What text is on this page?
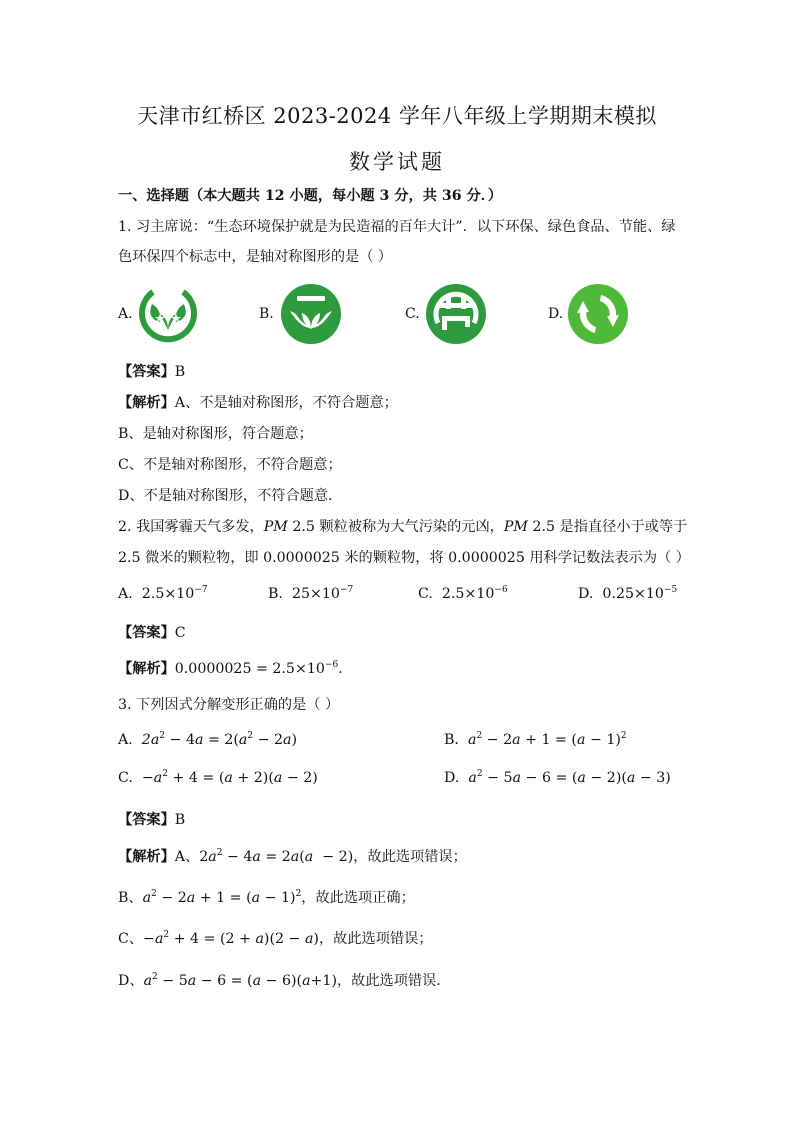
天津市红桥区 2023-2024 学年八年级上学期期末模拟
数学试题
一、选择题（本大题共 12 小题，每小题 3 分，共 36 分．）
1. 习主席说：“生态环境保护就是为民造福的百年大计”．以下环保、绿色食品、节能、绿
色环保四个标志中，是轴对称图形的是（ ）
A.	B.	C.	D.
【答案】B
【解析】A、不是轴对称图形，不符合题意；
B、是轴对称图形，符合题意；
C、不是轴对称图形，不符合题意；
D、不是轴对称图形，不符合题意．
2. 我国雾霾天气多发，PM 2.5 颗粒被称为大气污染的元凶，PM 2.5 是指直径小于或等于
2.5 微米的颗粒物，即 0.0000025 米的颗粒物，将 0.0000025 用科学记数法表示为（ ）
A. $2.5\times 10^{-7}$	B. $25\times 10^{-7}$	C. $2.5\times 10^{-6}$	D. $0.25\times 10^{-5}$
【答案】C
【解析】$0.0000025 = 2.5\times 10^{-6}$．
3. 下列因式分解变形正确的是（ ）
A. $2a^2 - 4a = 2(a^2 - 2a)$	B. $a^2 - 2a + 1 = (a - 1)^2$
C.  $-a^2 + 4 = (a + 2)(a - 2)$	D. $a^2 - 5a - 6 = (a - 2)(a - 3)$
【答案】B
【解析】A、$2a^2 - 4a = 2a(a - 2)$，故此选项错误；
B、$a^2 - 2a + 1 = (a - 1)^2$，故此选项正确；
C、$-a^2 + 4 = (2 + a)(2 - a)$，故此选项错误；
D、$a^2 - 5a - 6 = (a - 6)(a+1)$，故此选项错误．
